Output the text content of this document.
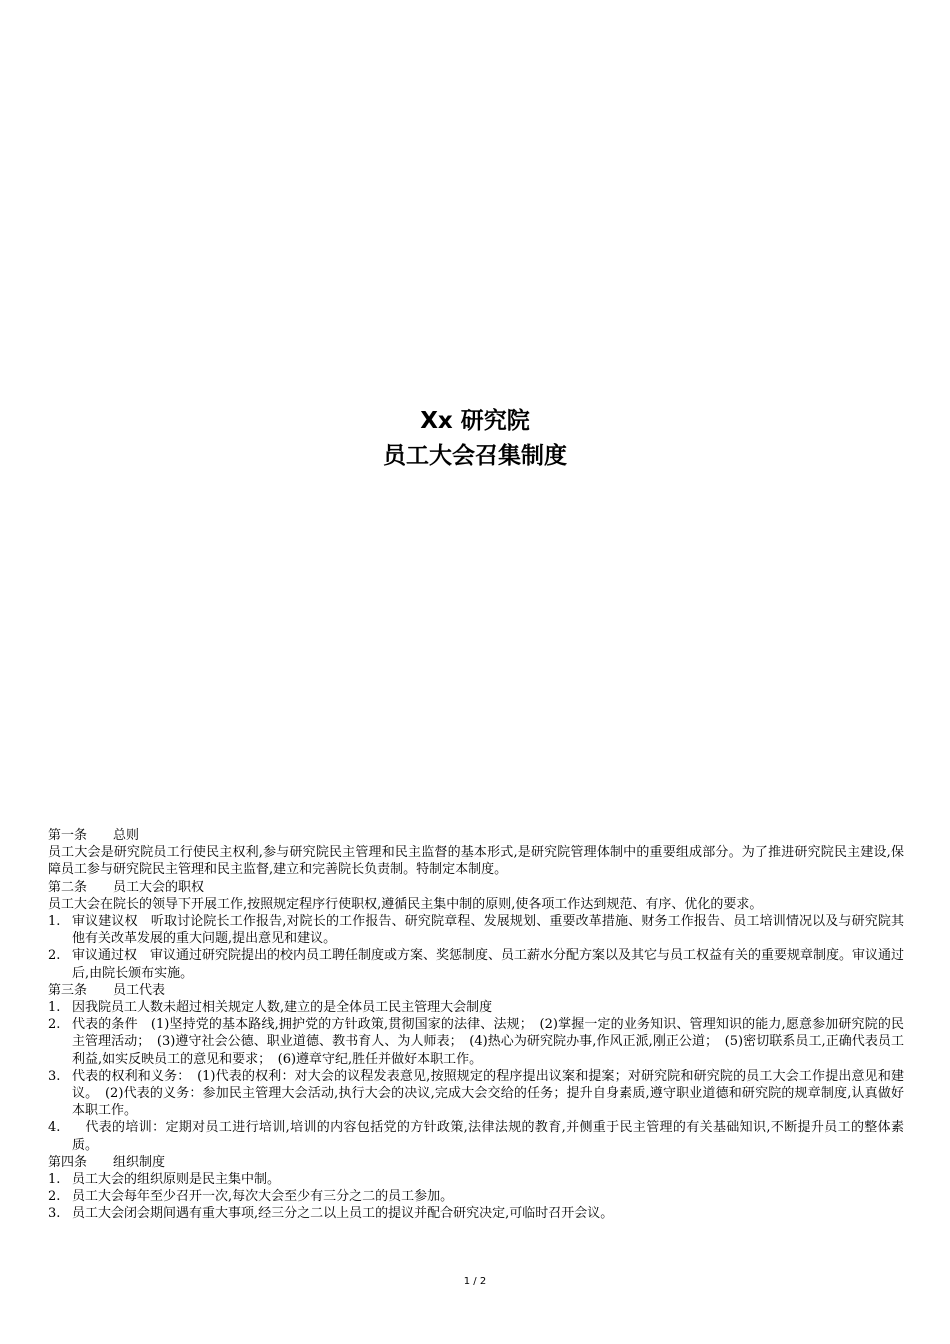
Xx 研究院
员工大会召集制度
第一条　　总则
员工大会是研究院员工行使民主权利,参与研究院民主管理和民主监督的基本形式,是研究院管理体制中的重要组成部分。为了推进研究院民主建设,保障员工参与研究院民主管理和民主监督,建立和完善院长负责制。特制定本制度。
第二条　　员工大会的职权
员工大会在院长的领导下开展工作,按照规定程序行使职权,遵循民主集中制的原则,使各项工作达到规范、有序、优化的要求。
1. 审议建议权　听取讨论院长工作报告,对院长的工作报告、研究院章程、发展规划、重要改革措施、财务工作报告、员工培训情况以及与研究院其他有关改革发展的重大问题,提出意见和建议。
2. 审议通过权　审议通过研究院提出的校内员工聘任制度或方案、奖惩制度、员工薪水分配方案以及其它与员工权益有关的重要规章制度。审议通过后,由院长颁布实施。
第三条　　员工代表
1. 因我院员工人数未超过相关规定人数,建立的是全体员工民主管理大会制度
2. 代表的条件　(1)坚持党的基本路线,拥护党的方针政策,贯彻国家的法律、法规；　(2)掌握一定的业务知识、管理知识的能力,愿意参加研究院的民主管理活动；　(3)遵守社会公德、职业道德、教书育人、为人师表；　(4)热心为研究院办事,作风正派,刚正公道；　(5)密切联系员工,正确代表员工利益,如实反映员工的意见和要求；　(6)遵章守纪,胜任并做好本职工作。
3. 代表的权利和义务：　(1)代表的权利：对大会的议程发表意见,按照规定的程序提出议案和提案；对研究院和研究院的员工大会工作提出意见和建议。　(2)代表的义务：参加民主管理大会活动,执行大会的决议,完成大会交给的任务；提升自身素质,遵守职业道德和研究院的规章制度,认真做好本职工作。
4. 　代表的培训：定期对员工进行培训,培训的内容包括党的方针政策,法律法规的教育,并侧重于民主管理的有关基础知识,不断提升员工的整体素质。
第四条　　组织制度
1. 员工大会的组织原则是民主集中制。
2. 员工大会每年至少召开一次,每次大会至少有三分之二的员工参加。
3. 员工大会闭会期间遇有重大事项,经三分之二以上员工的提议并配合研究决定,可临时召开会议。
1 / 2
